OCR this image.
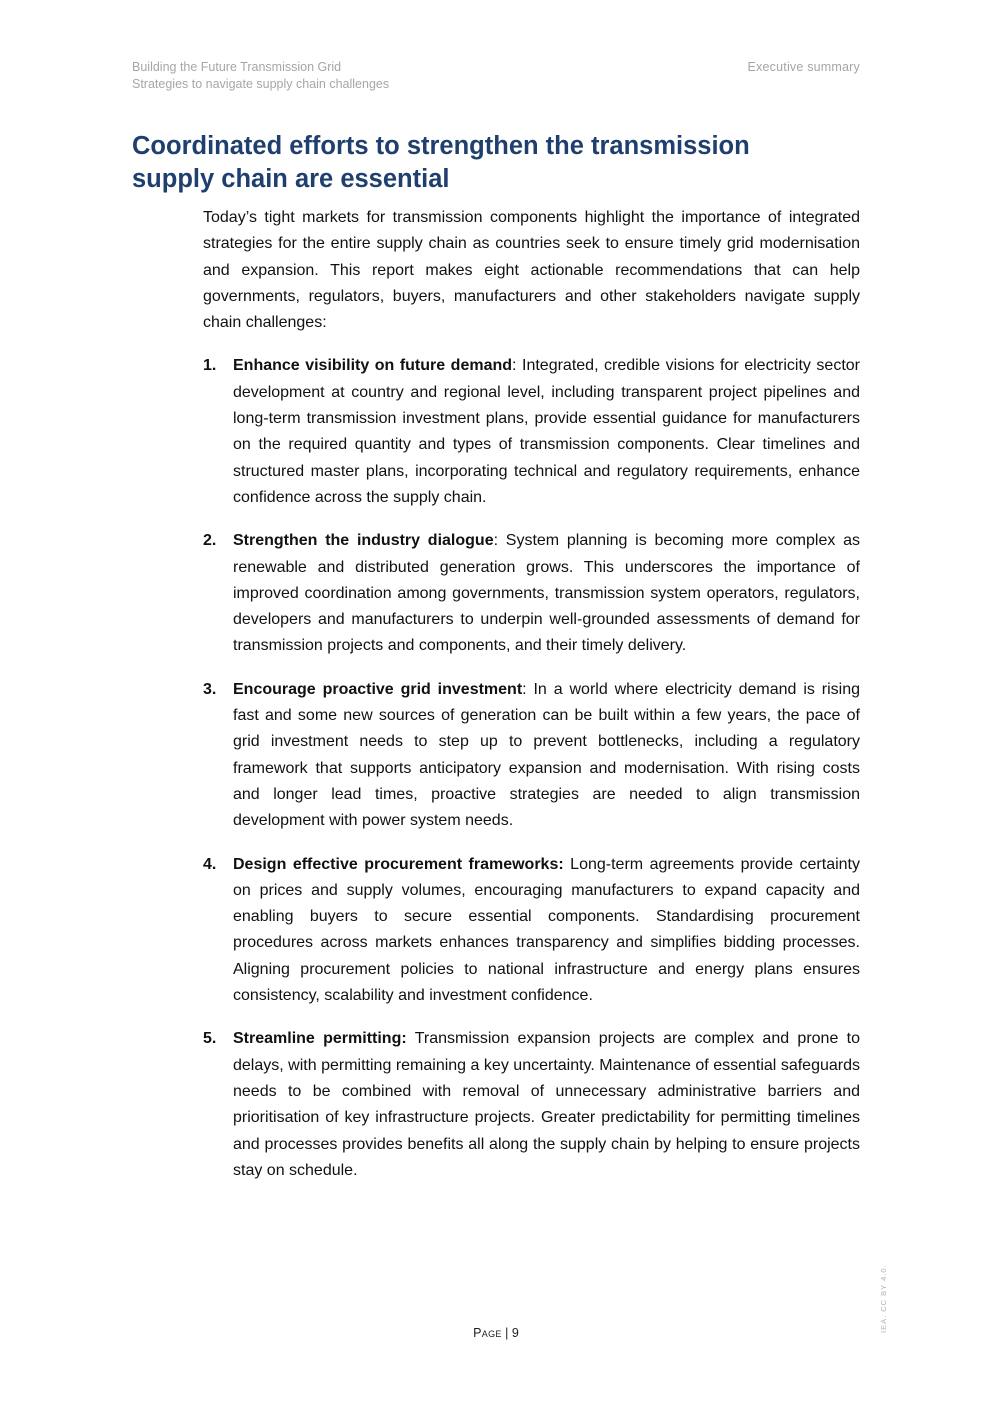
Building the Future Transmission Grid
Strategies to navigate supply chain challenges
Executive summary
Coordinated efforts to strengthen the transmission supply chain are essential

Today’s tight markets for transmission components highlight the importance of integrated strategies for the entire supply chain as countries seek to ensure timely grid modernisation and expansion. This report makes eight actionable recommendations that can help governments, regulators, buyers, manufacturers and other stakeholders navigate supply chain challenges:

1. Enhance visibility on future demand: Integrated, credible visions for electricity sector development at country and regional level, including transparent project pipelines and long-term transmission investment plans, provide essential guidance for manufacturers on the required quantity and types of transmission components. Clear timelines and structured master plans, incorporating technical and regulatory requirements, enhance confidence across the supply chain.
2. Strengthen the industry dialogue: System planning is becoming more complex as renewable and distributed generation grows. This underscores the importance of improved coordination among governments, transmission system operators, regulators, developers and manufacturers to underpin well-grounded assessments of demand for transmission projects and components, and their timely delivery.
3. Encourage proactive grid investment: In a world where electricity demand is rising fast and some new sources of generation can be built within a few years, the pace of grid investment needs to step up to prevent bottlenecks, including a regulatory framework that supports anticipatory expansion and modernisation. With rising costs and longer lead times, proactive strategies are needed to align transmission development with power system needs.
4. Design effective procurement frameworks: Long-term agreements provide certainty on prices and supply volumes, encouraging manufacturers to expand capacity and enabling buyers to secure essential components. Standardising procurement procedures across markets enhances transparency and simplifies bidding processes. Aligning procurement policies to national infrastructure and energy plans ensures consistency, scalability and investment confidence.
5. Streamline permitting: Transmission expansion projects are complex and prone to delays, with permitting remaining a key uncertainty. Maintenance of essential safeguards needs to be combined with removal of unnecessary administrative barriers and prioritisation of key infrastructure projects. Greater predictability for permitting timelines and processes provides benefits all along the supply chain by helping to ensure projects stay on schedule.
Page | 9	IEA. CC BY 4.0.
